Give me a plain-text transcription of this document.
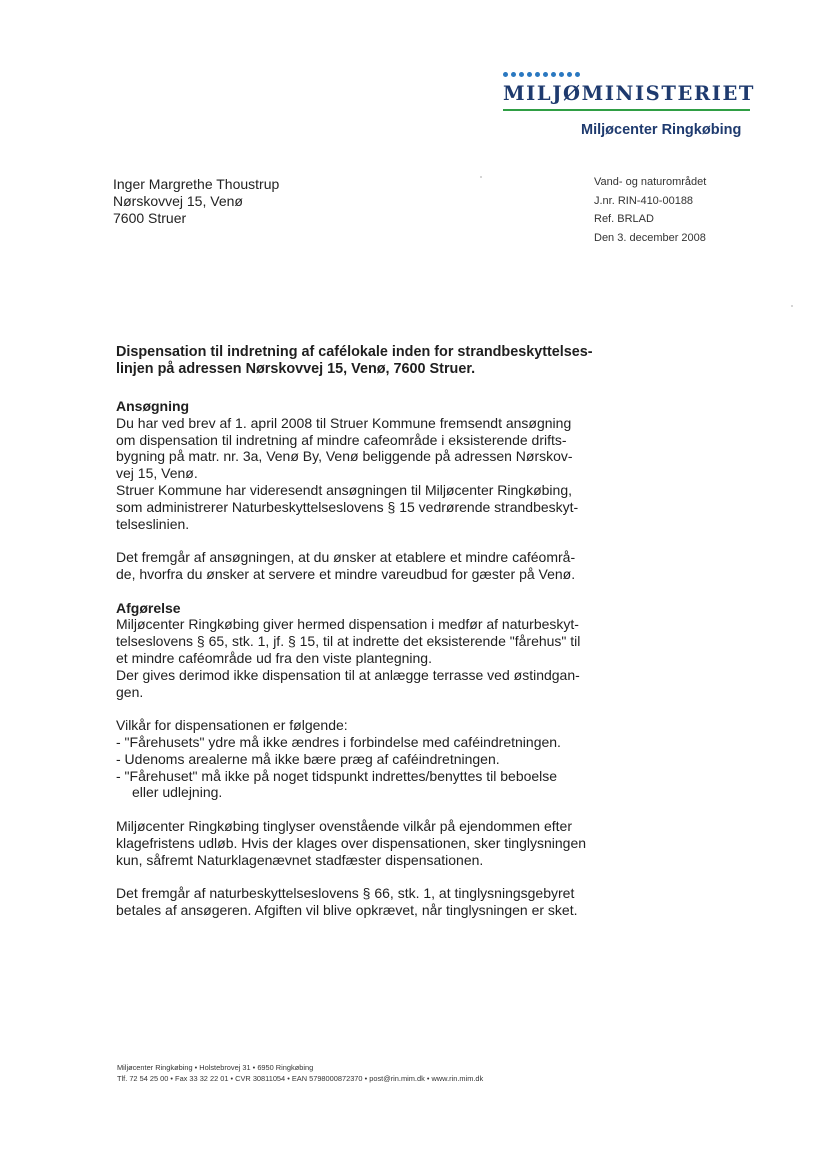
MILJØMINISTERIET
Miljøcenter Ringkøbing
Inger Margrethe Thoustrup
Nørskovvej 15, Venø
7600 Struer
Vand- og naturområdet
J.nr. RIN-410-00188
Ref. BRLAD
Den 3. december 2008

Dispensation til indretning af cafélokale inden for strandbeskyttelses-
linjen på adressen Nørskovvej 15, Venø, 7600 Struer.

Ansøgning

Du har ved brev af 1. april 2008 til Struer Kommune fremsendt ansøgning
om dispensation til indretning af mindre cafeområde i eksisterende drifts-
bygning på matr. nr. 3a, Venø By, Venø beliggende på adressen Nørskov-
vej 15, Venø.
Struer Kommune har videresendt ansøgningen til Miljøcenter Ringkøbing,
som administrerer Naturbeskyttelseslovens § 15 vedrørende strandbeskyt-
telseslinien.

Det fremgår af ansøgningen, at du ønsker at etablere et mindre caféområ-
de, hvorfra du ønsker at servere et mindre vareudbud for gæster på Venø.

Afgørelse

Miljøcenter Ringkøbing giver hermed dispensation i medfør af naturbeskyt-
telseslovens § 65, stk. 1, jf. § 15, til at indrette det eksisterende "fårehus" til
et mindre caféområde ud fra den viste plantegning.
Der gives derimod ikke dispensation til at anlægge terrasse ved østindgan-
gen.

Vilkår for dispensationen er følgende:

- "Fårehusets" ydre må ikke ændres i forbindelse med caféindretningen.
- Udenoms arealerne må ikke bære præg af caféindretningen.
- "Fårehuset" må ikke på noget tidspunkt indrettes/benyttes til beboelse
eller udlejning.

Miljøcenter Ringkøbing tinglyser ovenstående vilkår på ejendommen efter
klagefristens udløb. Hvis der klages over dispensationen, sker tinglysningen
kun, såfremt Naturklagenævnet stadfæster dispensationen.

Det fremgår af naturbeskyttelseslovens § 66, stk. 1, at tinglysningsgebyret
betales af ansøgeren. Afgiften vil blive opkrævet, når tinglysningen er sket.

Miljøcenter Ringkøbing • Holstebrovej 31 • 6950 Ringkøbing
Tlf. 72 54 25 00 • Fax 33 32 22 01 • CVR 30811054 • EAN 5798000872370 • post@rin.mim.dk • www.rin.mim.dk
